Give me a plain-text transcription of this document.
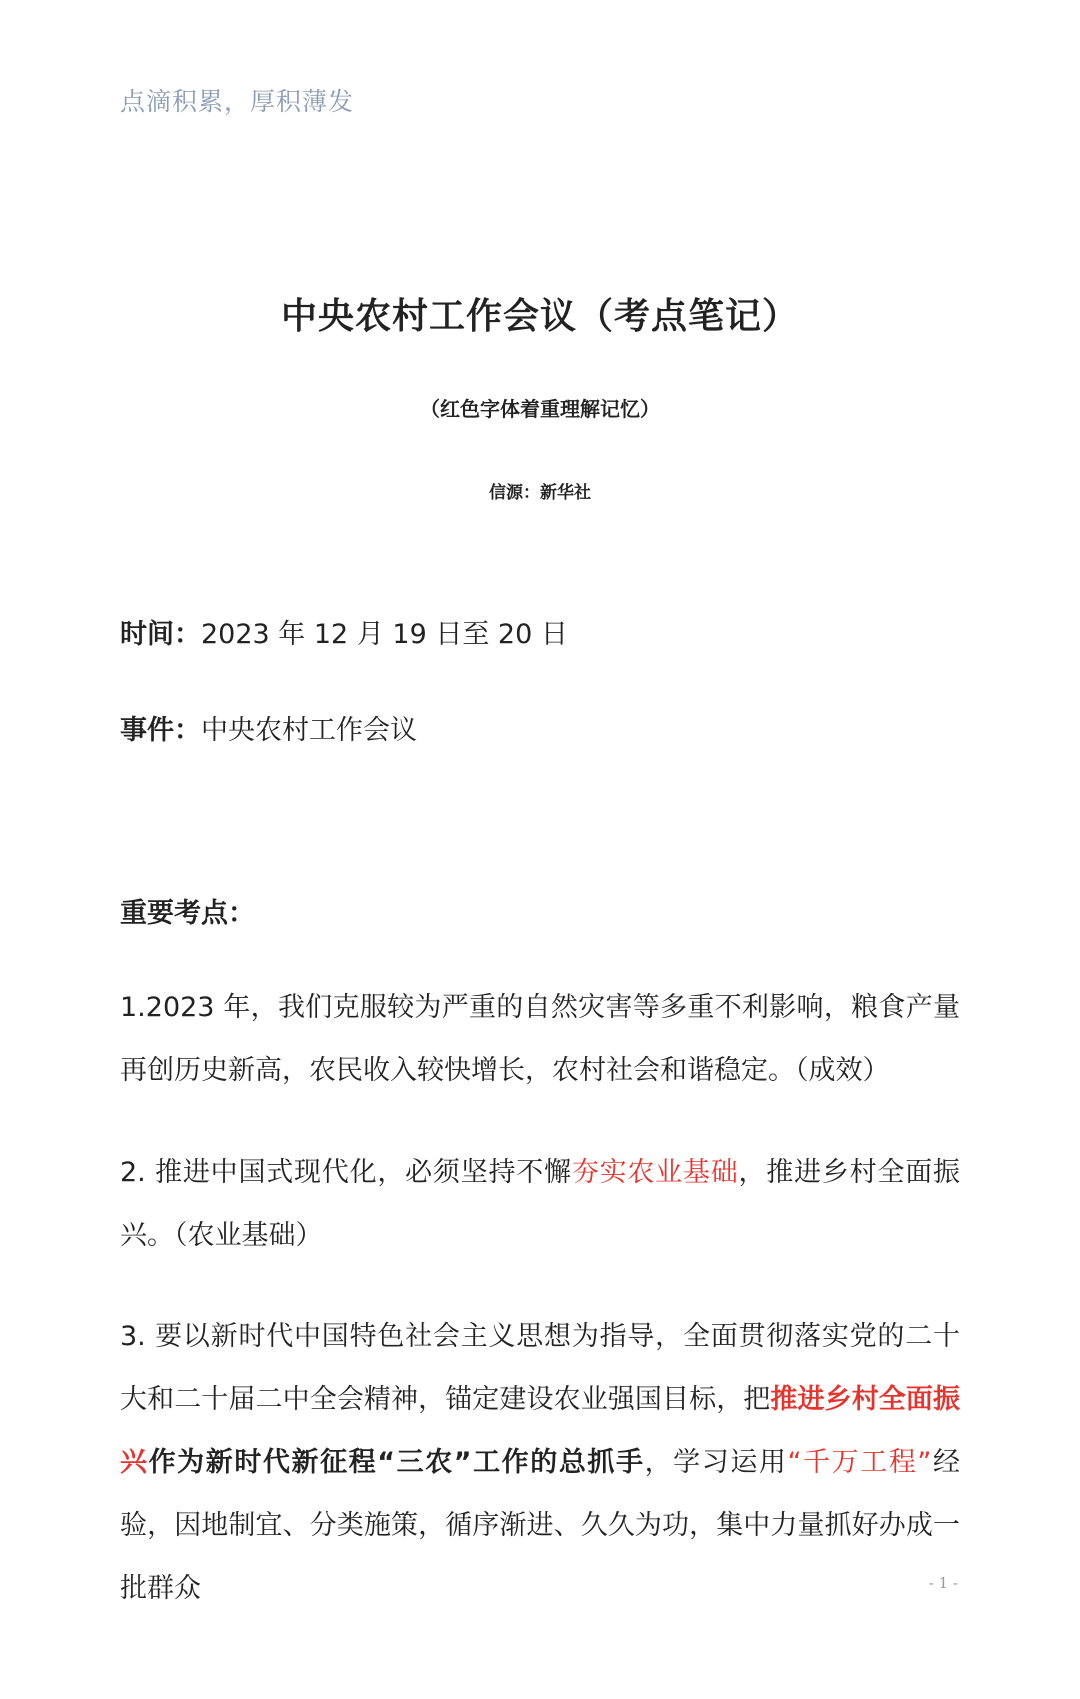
点滴积累，厚积薄发
中央农村工作会议（考点笔记）
（红色字体着重理解记忆）
信源：新华社
时间：2023 年 12 月 19 日至 20 日
事件：中央农村工作会议
重要考点：
1.2023 年，我们克服较为严重的自然灾害等多重不利影响，粮食产量再创历史新高，农民收入较快增长，农村社会和谐稳定。（成效）
2. 推进中国式现代化，必须坚持不懈夯实农业基础，推进乡村全面振兴。（农业基础）
3. 要以新时代中国特色社会主义思想为指导，全面贯彻落实党的二十大和二十届二中全会精神，锚定建设农业强国目标，把推进乡村全面振兴作为新时代新征程“三农”工作的总抓手，学习运用“千万工程”经验，因地制宜、分类施策，循序渐进、久久为功，集中力量抓好办成一批群众	- 1 -
